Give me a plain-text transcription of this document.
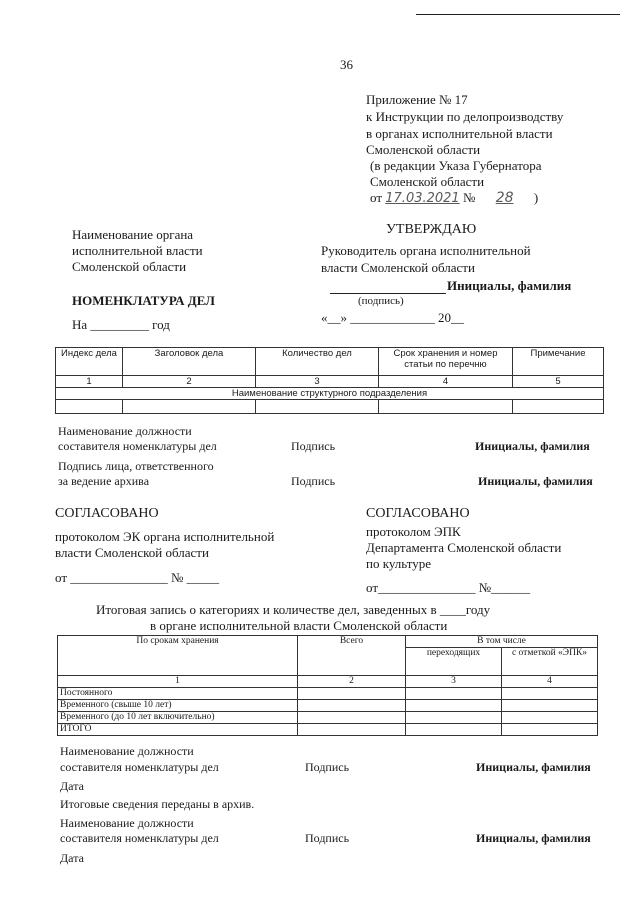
36
Приложение № 17
к Инструкции по делопроизводству
в органах исполнительной власти
Смоленской области
(в редакции Указа Губернатора
Смоленской области
от 17.03.2021 № 28 )
УТВЕРЖДАЮ
Руководитель органа исполнительной
власти Смоленской области
Инициалы, фамилия
(подпись)
«__» _____________ 20__
Наименование органа
исполнительной власти
Смоленской области
НОМЕНКЛАТУРА ДЕЛ
На _________ год
Индекс дела	Заголовок дела	Количество дел	Срок хранения и номер статьи по перечню	Примечание
1	2	3	4	5
Наименование структурного подразделения				

Наименование должности
составителя номенклатуры дел	Подпись	Инициалы, фамилия
Подпись лица, ответственного
за ведение архива	Подпись	Инициалы, фамилия
СОГЛАСОВАНО
протоколом ЭК органа исполнительной
власти Смоленской области
от _______________ № _____
СОГЛАСОВАНО
протоколом ЭПК
Департамента Смоленской области
по культуре
от_______________ №______
Итоговая запись о категориях и количестве дел, заведенных в ____году
в органе исполнительной власти Смоленской области
По срокам хранения	Всего	В том числе	
		переходящих	с отметкой «ЭПК»
1	2	3	4
Постоянного			
Временного (свыше 10 лет)			
Временного (до 10 лет включительно)			
ИТОГО			
Наименование должности
составителя номенклатуры дел	Подпись	Инициалы, фамилия
Дата
Итоговые сведения переданы в архив.
Наименование должности
составителя номенклатуры дел	Подпись	Инициалы, фамилия
Дата
